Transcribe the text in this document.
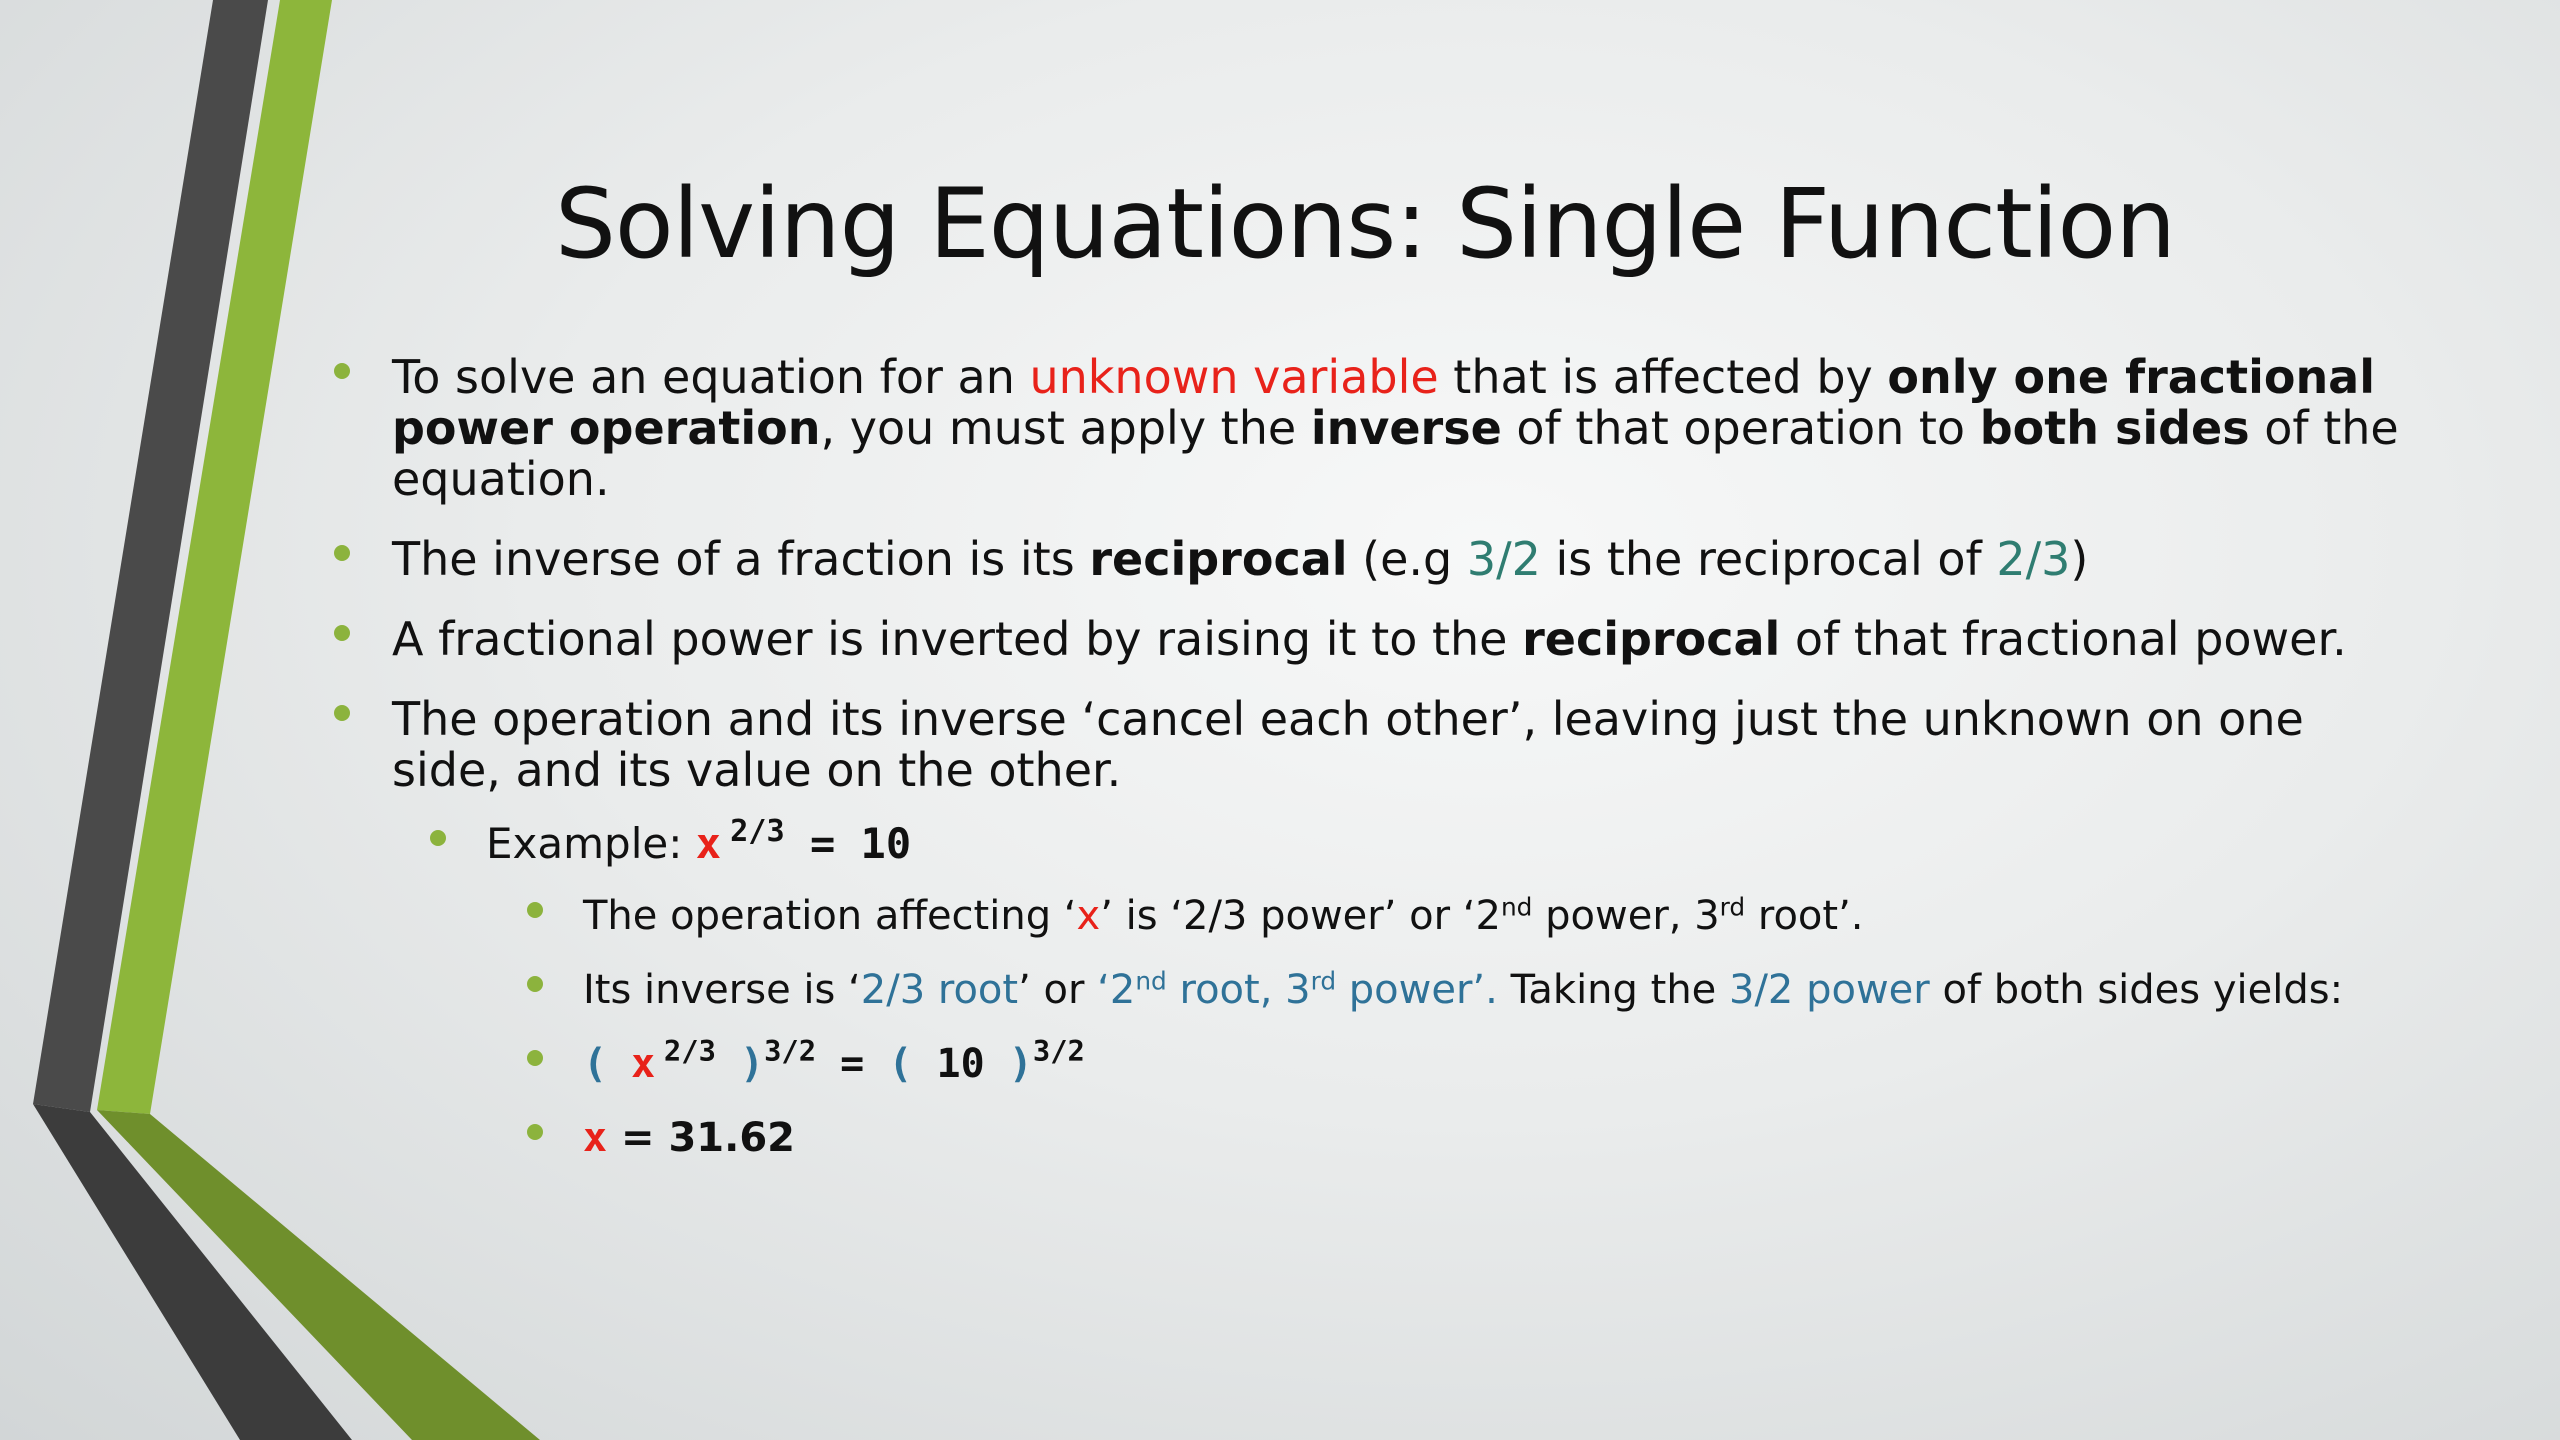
Solving Equations: Single Function

To solve an equation for an unknown variable that is affected by only one fractional power operation, you must apply the inverse of that operation to both sides of the equation.

The inverse of a fraction is its reciprocal (e.g 3/2 is the reciprocal of 2/3)

A fractional power is inverted by raising it to the reciprocal of that fractional power.

The operation and its inverse ‘cancel each other’, leaving just the unknown on one side, and its value on the other.

Example: x $^{2/3}$ = 10

The operation affecting ‘x’ is ‘2/3 power’ or ‘2nd power, 3rd root’.

Its inverse is ‘2/3 root’ or ‘2nd root, 3rd power’. Taking the 3/2 power of both sides yields:

( x $^{2/3}$ )$^{3/2}$ = ( 10 )$^{3/2}$

x = 31.62
